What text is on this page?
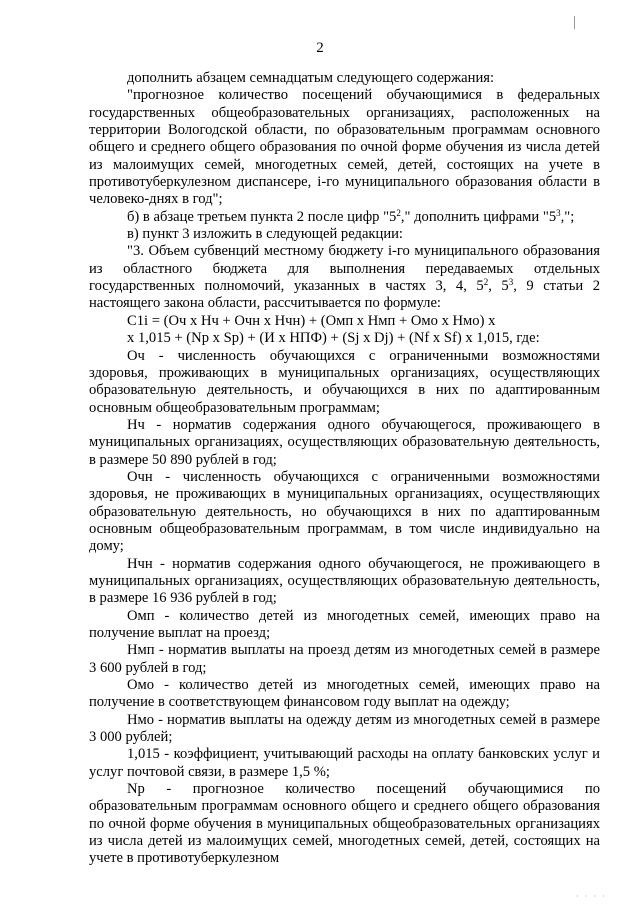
2

дополнить абзацем семнадцатым следующего содержания:

"прогнозное количество посещений обучающимися в федеральных государственных общеобразовательных организациях, расположенных на территории Вологодской области, по образовательным программам основного общего и среднего общего образования по очной форме обучения из числа детей из малоимущих семей, многодетных семей, детей, состоящих на учете в противотуберкулезном диспансере, i-го муниципального образования области в человеко-днях в год";

б) в абзаце третьем пункта 2 после цифр "$5^2$," дополнить цифрами "$5^3$,";

в) пункт 3 изложить в следующей редакции:

"3. Объем субвенций местному бюджету i-го муниципального образования из областного бюджета для выполнения передаваемых отдельных государственных полномочий, указанных в частях 3, 4, $5^2$, $5^3$, 9 статьи 2 настоящего закона области, рассчитывается по формуле:

C1i = (Оч х Нч + Очн х Нчн) + (Омп х Нмп + Омо х Нмо) х

х 1,015 + (Np x Sp) + (И х НПФ) + (Sj x Dj) + (Nf x Sf) х 1,015, где:

Оч - численность обучающихся с ограниченными возможностями здоровья, проживающих в муниципальных организациях, осуществляющих образовательную деятельность, и обучающихся в них по адаптированным основным общеобразовательным программам;

Нч - норматив содержания одного обучающегося, проживающего в муниципальных организациях, осуществляющих образовательную деятельность, в размере 50 890 рублей в год;

Очн - численность обучающихся с ограниченными возможностями здоровья, не проживающих в муниципальных организациях, осуществляющих образовательную деятельность, но обучающихся в них по адаптированным основным общеобразовательным программам, в том числе индивидуально на дому;

Нчн - норматив содержания одного обучающегося, не проживающего в муниципальных организациях, осуществляющих образовательную деятельность, в размере 16 936 рублей в год;

Омп - количество детей из многодетных семей, имеющих право на получение выплат на проезд;

Нмп - норматив выплаты на проезд детям из многодетных семей в размере 3 600 рублей в год;

Омо - количество детей из многодетных семей, имеющих право на получение в соответствующем финансовом году выплат на одежду;

Нмо - норматив выплаты на одежду детям из многодетных семей в размере 3 000 рублей;

1,015 - коэффициент, учитывающий расходы на оплату банковских услуг и услуг почтовой связи, в размере 1,5 %;

Np - прогнозное количество посещений обучающимися по образовательным программам основного общего и среднего общего образования по очной форме обучения в муниципальных общеобразовательных организациях из числа детей из малоимущих семей, многодетных семей, детей, состоящих на учете в противотуберкулезном

· · · ·
